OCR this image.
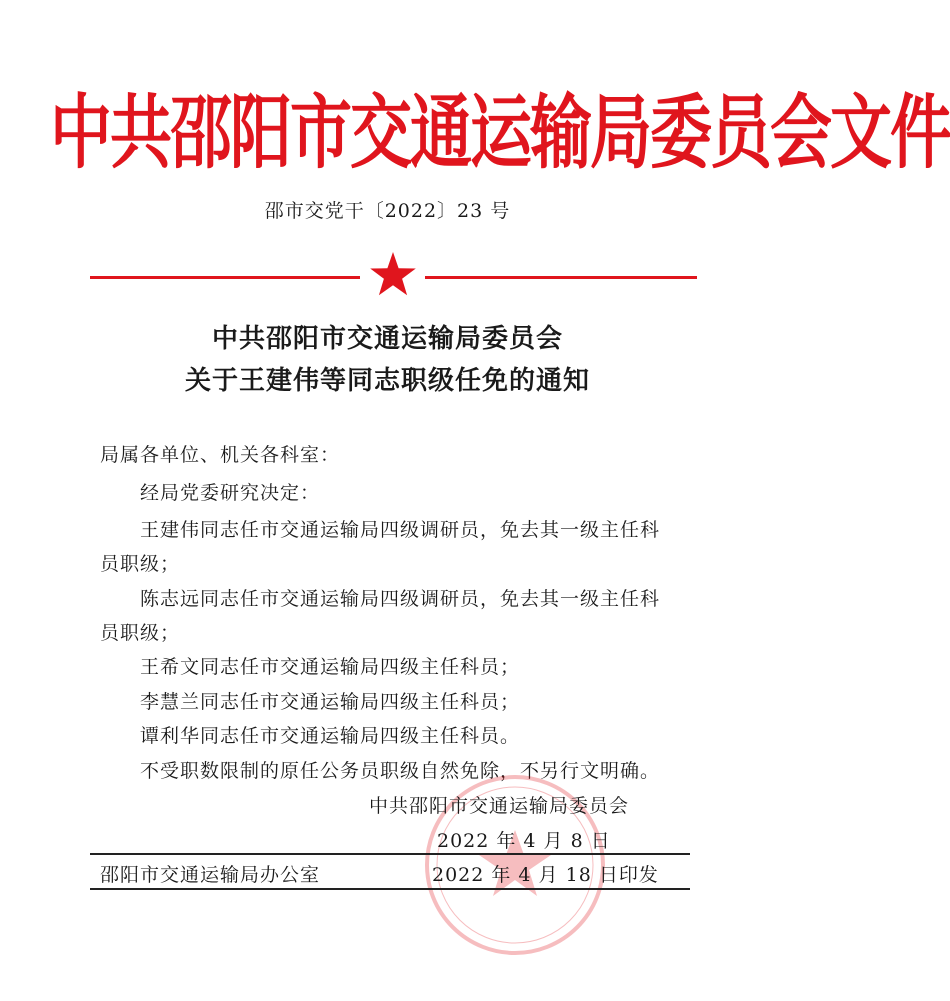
中共邵阳市交通运输局委员会文件
邵市交党干〔2022〕23 号
中共邵阳市交通运输局委员会
关于王建伟等同志职级任免的通知
局属各单位、机关各科室：
经局党委研究决定：
王建伟同志任市交通运输局四级调研员，免去其一级主任科
员职级；
陈志远同志任市交通运输局四级调研员，免去其一级主任科
员职级；
王希文同志任市交通运输局四级主任科员；
李慧兰同志任市交通运输局四级主任科员；
谭利华同志任市交通运输局四级主任科员。
不受职数限制的原任公务员职级自然免除，不另行文明确。
中共邵阳市交通运输局委员会
2022 年 4 月 8 日
邵阳市交通运输局办公室	2022 年 4 月 18 日印发
